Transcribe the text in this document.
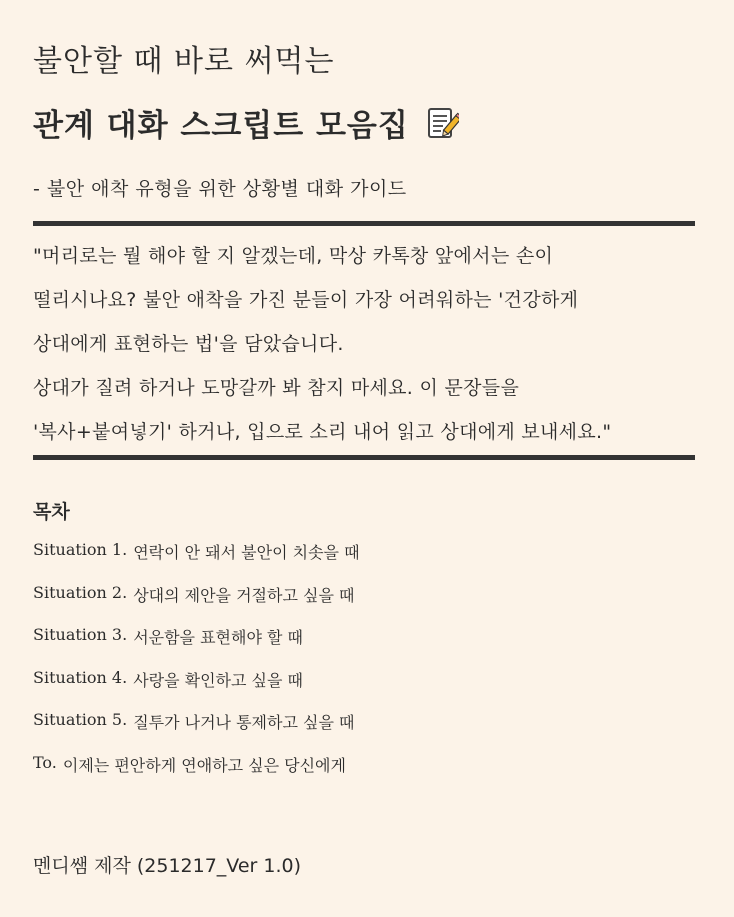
불안할 때 바로 써먹는
관계 대화 스크립트 모음집
- 불안 애착 유형을 위한 상황별 대화 가이드
"머리로는 뭘 해야 할 지 알겠는데, 막상 카톡창 앞에서는 손이
떨리시나요? 불안 애착을 가진 분들이 가장 어려워하는 '건강하게
상대에게 표현하는 법'을 담았습니다.
상대가 질려 하거나 도망갈까 봐 참지 마세요. 이 문장들을
'복사+붙여넣기' 하거나, 입으로 소리 내어 읽고 상대에게 보내세요."
목차
Situation 1. 연락이 안 돼서 불안이 치솟을 때
Situation 2. 상대의 제안을 거절하고 싶을 때
Situation 3. 서운함을 표현해야 할 때
Situation 4. 사랑을 확인하고 싶을 때
Situation 5. 질투가 나거나 통제하고 싶을 때
To. 이제는 편안하게 연애하고 싶은 당신에게
멘디쌤 제작 (251217_Ver 1.0)
